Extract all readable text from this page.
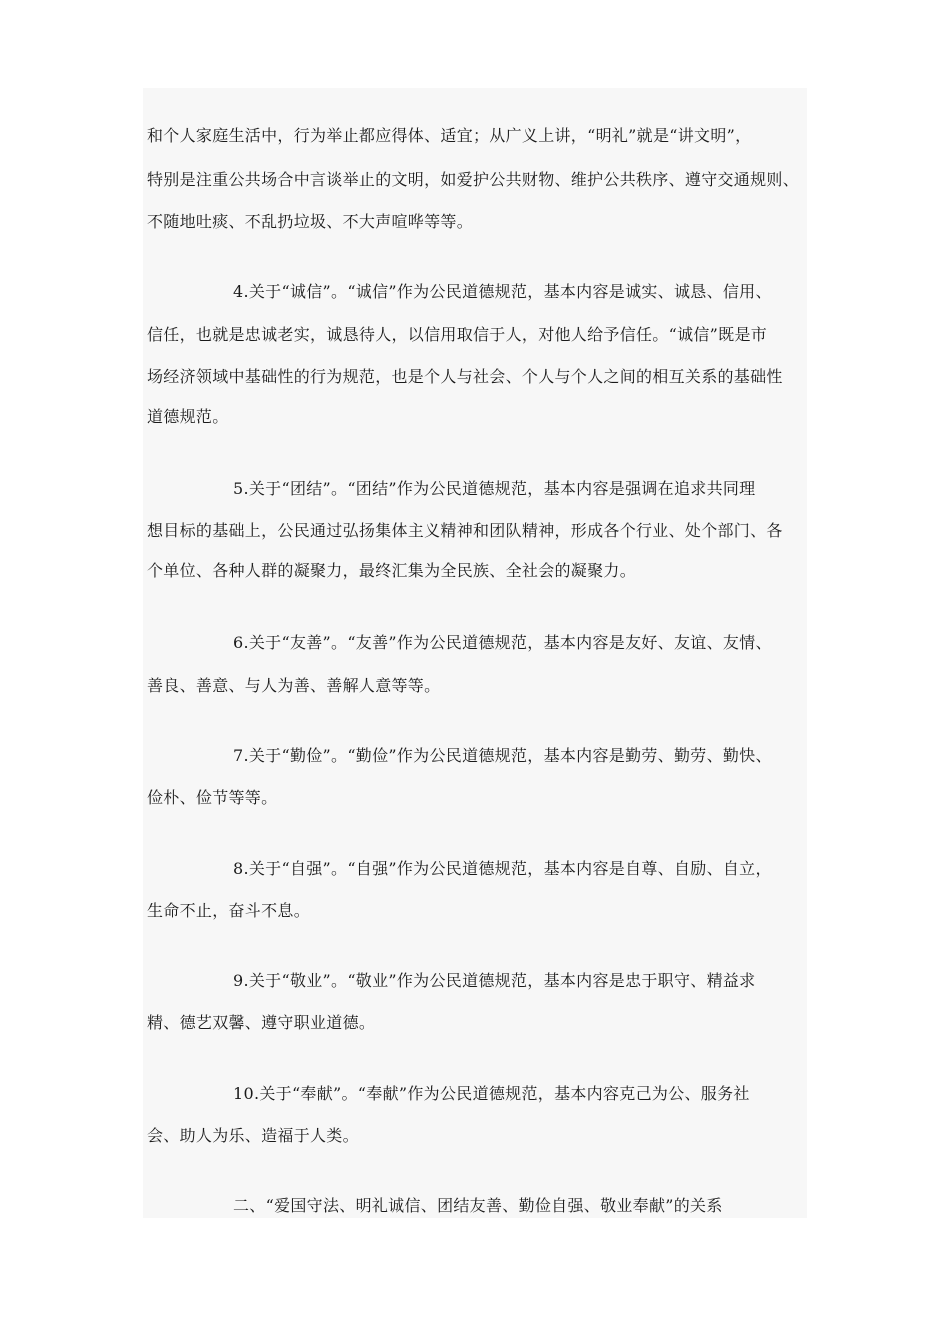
和个人家庭生活中，行为举止都应得体、适宜；从广义上讲，“明礼”就是“讲文明”，
特别是注重公共场合中言谈举止的文明，如爱护公共财物、维护公共秩序、遵守交通规则、
不随地吐痰、不乱扔垃圾、不大声喧哗等等。
4.关于“诚信”。“诚信”作为公民道德规范，基本内容是诚实、诚恳、信用、
信任，也就是忠诚老实，诚恳待人，以信用取信于人，对他人给予信任。“诚信”既是市
场经济领域中基础性的行为规范，也是个人与社会、个人与个人之间的相互关系的基础性
道德规范。
5.关于“团结”。“团结”作为公民道德规范，基本内容是强调在追求共同理
想目标的基础上，公民通过弘扬集体主义精神和团队精神，形成各个行业、处个部门、各
个单位、各种人群的凝聚力，最终汇集为全民族、全社会的凝聚力。
6.关于“友善”。“友善”作为公民道德规范，基本内容是友好、友谊、友情、
善良、善意、与人为善、善解人意等等。
7.关于“勤俭”。“勤俭”作为公民道德规范，基本内容是勤劳、勤劳、勤快、
俭朴、俭节等等。
8.关于“自强”。“自强”作为公民道德规范，基本内容是自尊、自励、自立，
生命不止，奋斗不息。
9.关于“敬业”。“敬业”作为公民道德规范，基本内容是忠于职守、精益求
精、德艺双馨、遵守职业道德。
10.关于“奉献”。“奉献”作为公民道德规范，基本内容克己为公、服务社
会、助人为乐、造福于人类。
二、“爱国守法、明礼诚信、团结友善、勤俭自强、敬业奉献”的关系
